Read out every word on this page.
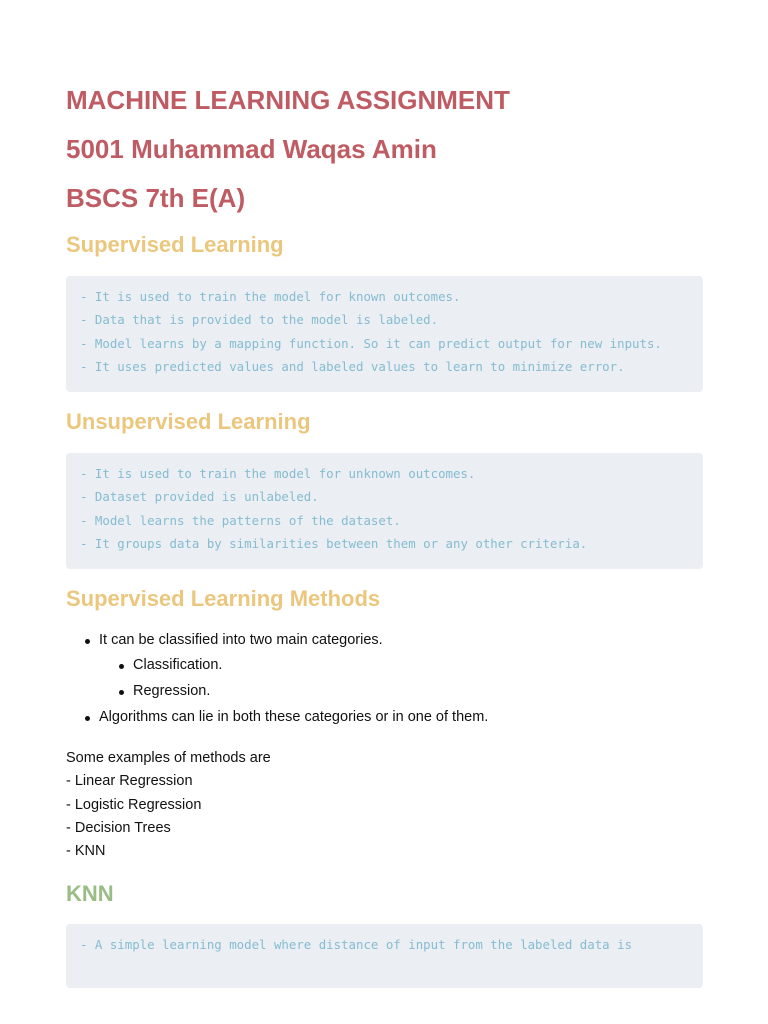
MACHINE LEARNING ASSIGNMENT
5001 Muhammad Waqas Amin
BSCS 7th E(A)
Supervised Learning
- It is used to train the model for known outcomes.
- Data that is provided to the model is labeled.
- Model learns by a mapping function. So it can predict output for new inputs.
- It uses predicted values and labeled values to learn to minimize error.
Unsupervised Learning
- It is used to train the model for unknown outcomes.
- Dataset provided is unlabeled.
- Model learns the patterns of the dataset.
- It groups data by similarities between them or any other criteria.
Supervised Learning Methods
It can be classified into two main categories.
Classification.
Regression.
Algorithms can lie in both these categories or in one of them.
Some examples of methods are
- Linear Regression
- Logistic Regression
- Decision Trees
- KNN
KNN
- A simple learning model where distance of input from the labeled data is
